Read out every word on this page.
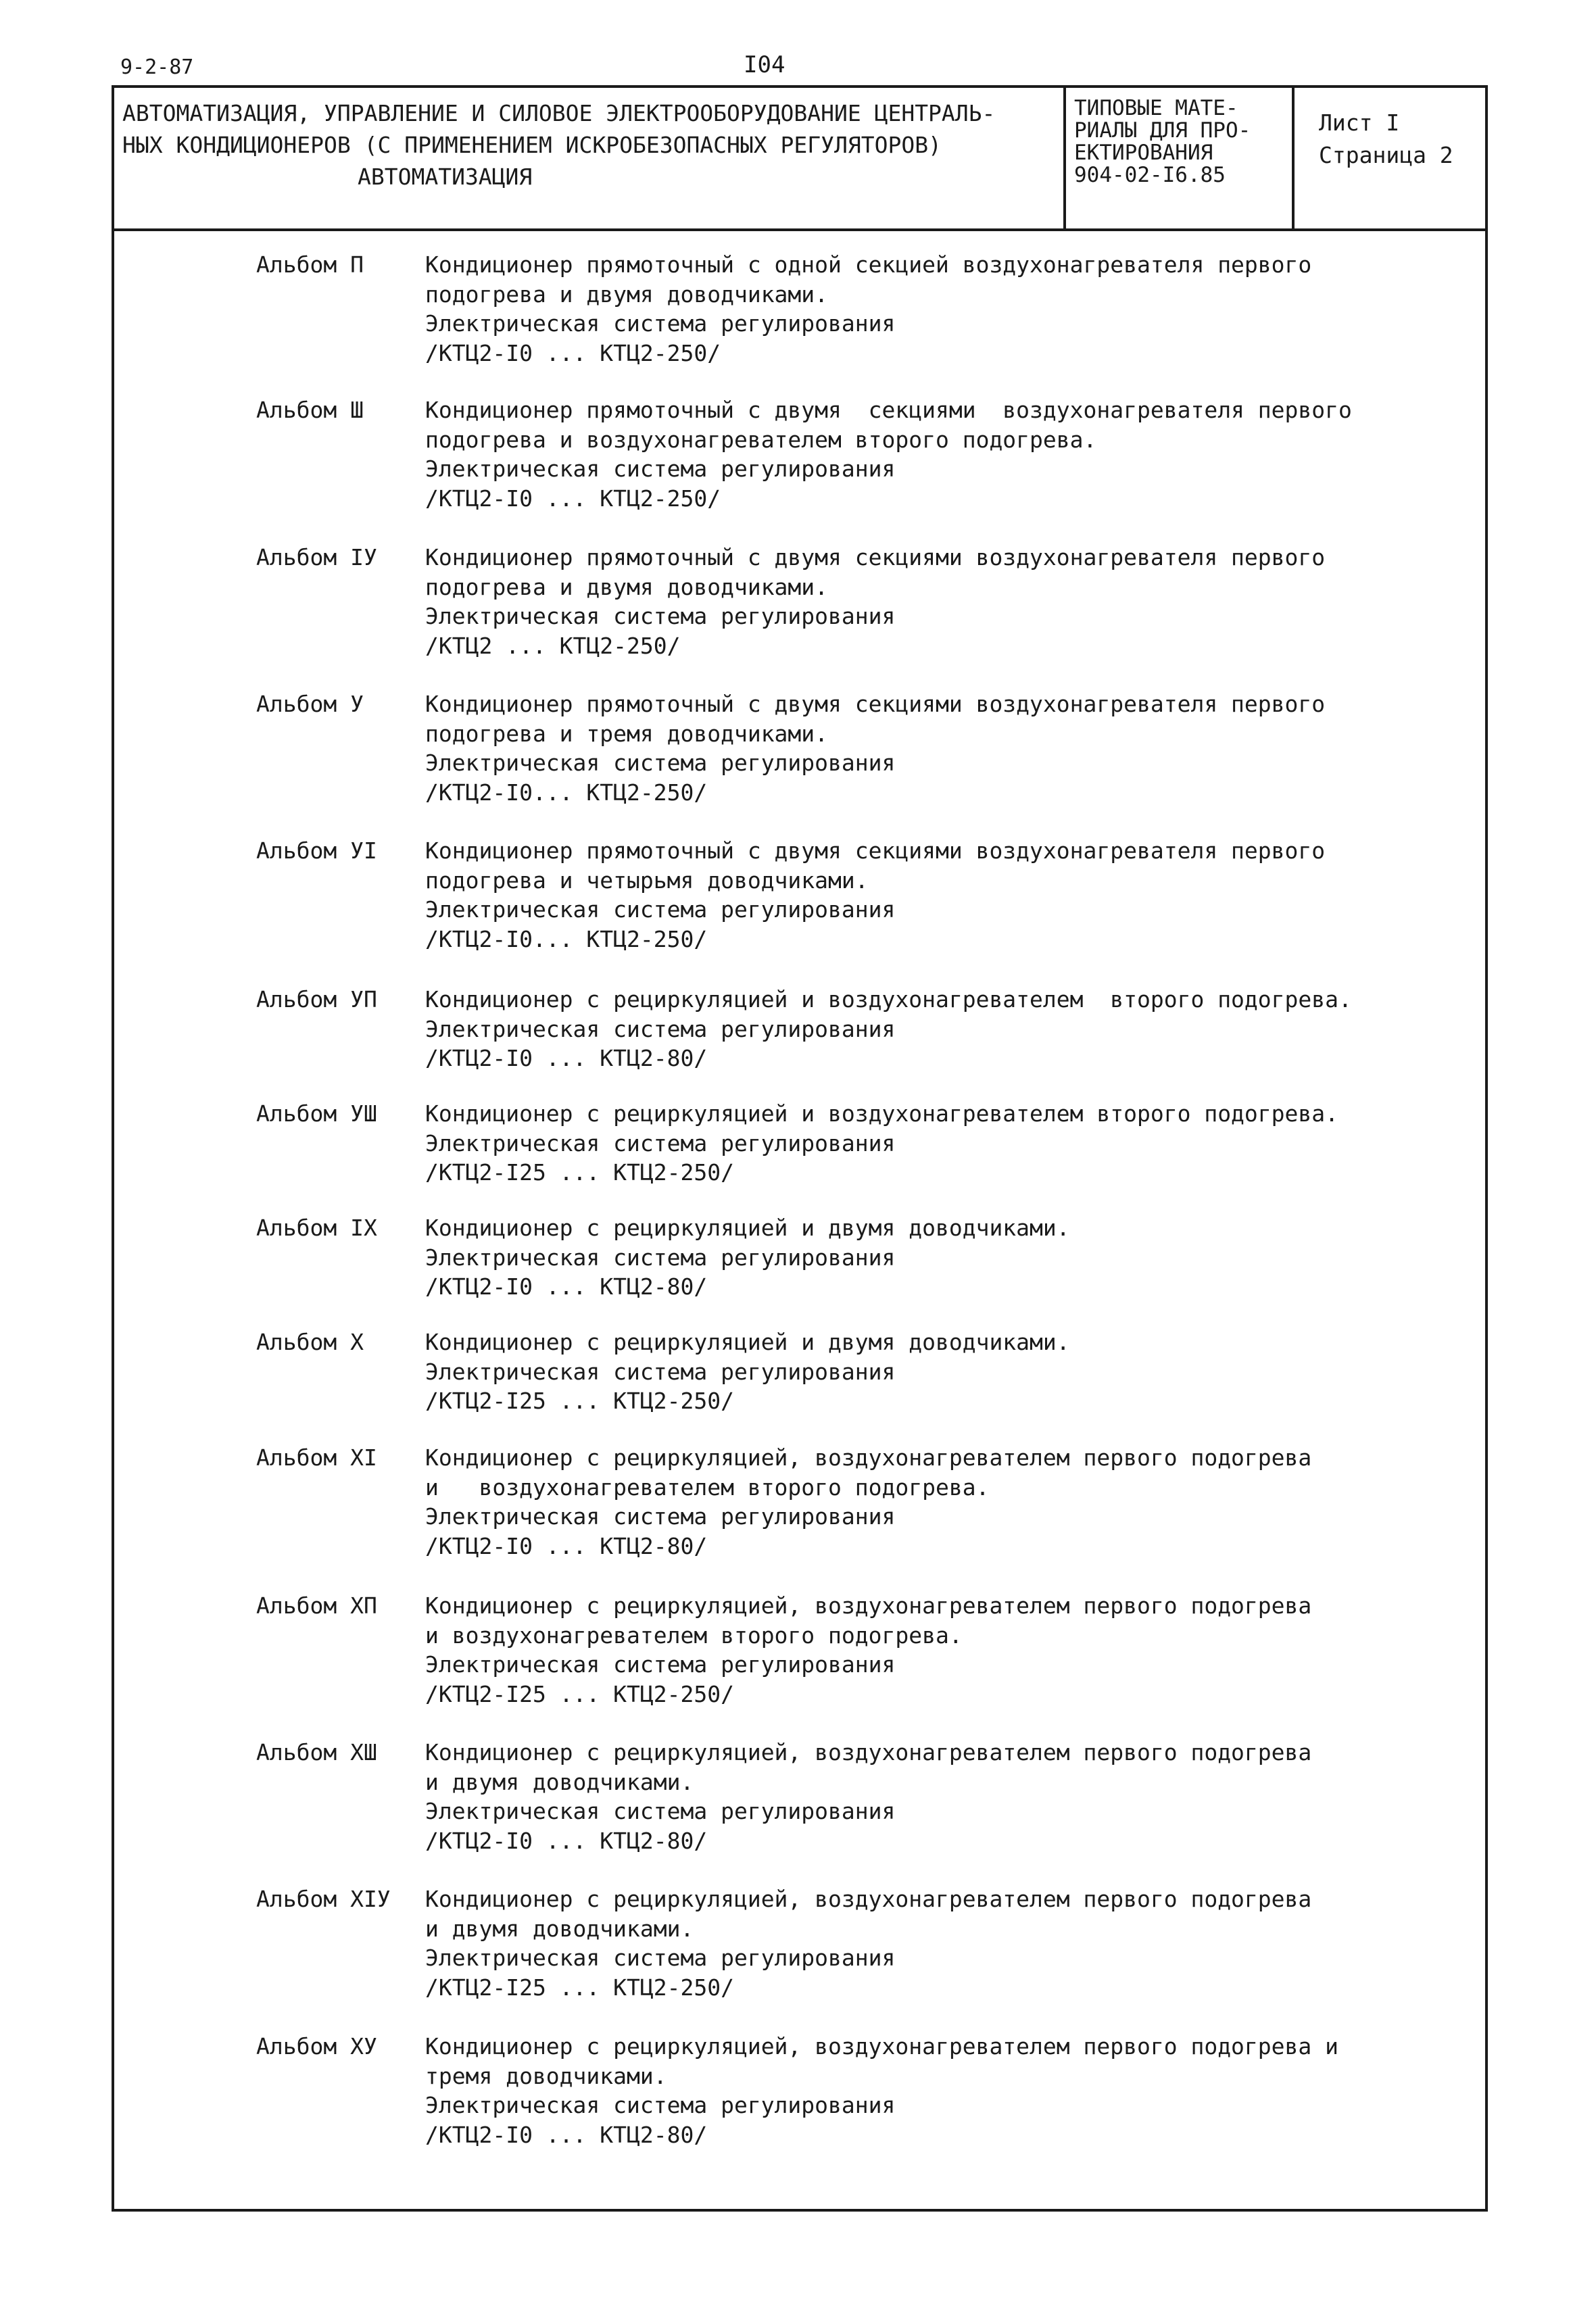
9-2-87	I04
АВТОМАТИЗАЦИЯ, УПРАВЛЕНИЕ И СИЛОВОЕ ЭЛЕКТРООБОРУДОВАНИЕ ЦЕНТРАЛЬ-
НЫХ КОНДИЦИОНЕРОВ (С ПРИМЕНЕНИЕМ ИСКРОБЕЗОПАСНЫХ РЕГУЛЯТОРОВ)
АВТОМАТИЗАЦИЯ
ТИПОВЫЕ МАТЕ-
РИАЛЫ ДЛЯ ПРО-
ЕКТИРОВАНИЯ
904-02-I6.85
Лист I
Страница 2
Альбом П	Кондиционер прямоточный с одной секцией воздухонагревателя первого
подогрева и двумя доводчиками.
Электрическая система регулирования
/КТЦ2-I0 ... КТЦ2-250/
Альбом Ш	Кондиционер прямоточный с двумя  секциями  воздухонагревателя первого
подогрева и воздухонагревателем второго подогрева.
Электрическая система регулирования
/КТЦ2-I0 ... КТЦ2-250/
Альбом IУ Кондиционер прямоточный с двумя секциями воздухонагревателя первого
подогрева и двумя доводчиками.
Электрическая система регулирования
/КТЦ2 ... КТЦ2-250/
Альбом У	Кондиционер прямоточный с двумя секциями воздухонагревателя первого
подогрева и тремя доводчиками.
Электрическая система регулирования
/КТЦ2-I0... КТЦ2-250/
Альбом УI Кондиционер прямоточный с двумя секциями воздухонагревателя первого
подогрева и четырьмя доводчиками.
Электрическая система регулирования
/КТЦ2-I0... КТЦ2-250/
Альбом УП Кондиционер с рециркуляцией и воздухонагревателем  второго подогрева.
Электрическая система регулирования
/КТЦ2-I0 ... КТЦ2-80/
Альбом УШ Кондиционер с рециркуляцией и воздухонагревателем второго подогрева.
Электрическая система регулирования
/КТЦ2-I25 ... КТЦ2-250/
Альбом IX Кондиционер с рециркуляцией и двумя доводчиками.
Электрическая система регулирования
/КТЦ2-I0 ... КТЦ2-80/
Альбом X	Кондиционер с рециркуляцией и двумя доводчиками.
Электрическая система регулирования
/КТЦ2-I25 ... КТЦ2-250/
Альбом XI Кондиционер с рециркуляцией, воздухонагревателем первого подогрева
и   воздухонагревателем второго подогрева.
Электрическая система регулирования
/КТЦ2-I0 ... КТЦ2-80/
Альбом XП Кондиционер с рециркуляцией, воздухонагревателем первого подогрева
и воздухонагревателем второго подогрева.
Электрическая система регулирования
/КТЦ2-I25 ... КТЦ2-250/
Альбом XШ Кондиционер с рециркуляцией, воздухонагревателем первого подогрева
и двумя доводчиками.
Электрическая система регулирования
/КТЦ2-I0 ... КТЦ2-80/
Альбом XIУ Кондиционер с рециркуляцией, воздухонагревателем первого подогрева
и двумя доводчиками.
Электрическая система регулирования
/КТЦ2-I25 ... КТЦ2-250/
Альбом XУ Кондиционер с рециркуляцией, воздухонагревателем первого подогрева и
тремя доводчиками.
Электрическая система регулирования
/КТЦ2-I0 ... КТЦ2-80/
